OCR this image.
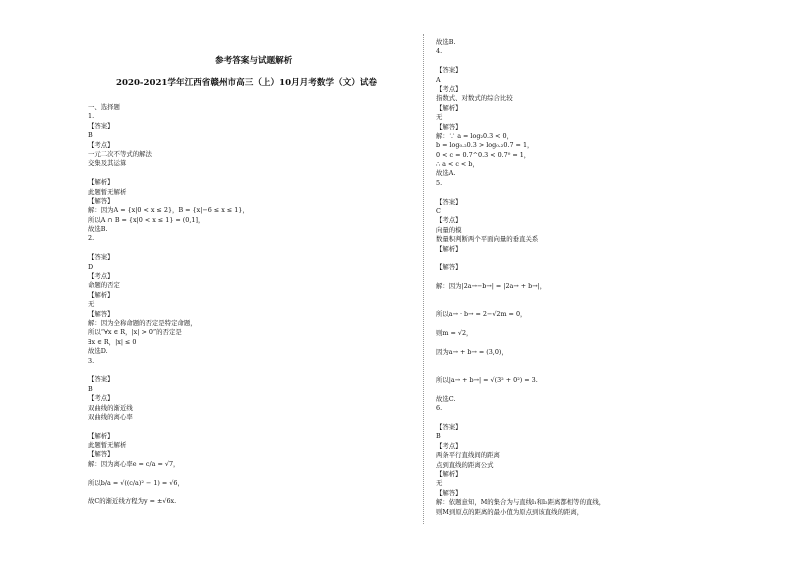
参考答案与试题解析
2020-2021学年江西省赣州市高三（上）10月月考数学（文）试卷
一、选择题
1.
【答案】
B
【考点】
一元二次不等式的解法
交集及其运算
【解析】
此题暂无解析
【解答】
解：因为A = {x|0 < x ≤ 2}，B = {x|−6 ≤ x ≤ 1}，
所以A ∩ B = {x|0 < x ≤ 1} = (0,1]，
故选B.
2.
【答案】
D
【考点】
命题的否定
【解析】
无
【解答】
解：因为全称命题的否定是特定命题，
所以“∀x ∈ R，|x| > 0”的否定是
∃x ∈ R，|x| ≤ 0
故选D.
3.
【答案】
B
【考点】
双曲线的渐近线
双曲线的离心率
【解析】
此题暂无解析
【解答】
解：因为离心率e = c/a = √7，
所以b/a = √((c/a)² − 1) = √6，
故C的渐近线方程为y = ±√6x.
故选B.
4.
【答案】
A
【考点】
指数式、对数式的综合比较
【解析】
无
【解答】
解：∵ a = log₂0.3 < 0，
b = log₀.₂0.3 > log₀.₂0.7 = 1，
0 < c = 0.7^0.3 < 0.7⁰ = 1，
∴ a < c < b，
故选A.
5.
【答案】
C
【考点】
向量的模
数量积判断两个平面向量的垂直关系
【解析】
【解答】
解：因为|2a→−b→| = |2a→ + b→|，
所以a→ · b→ = 2−√2m = 0，
则m = √2，
因为a→ + b→ = (3,0)，
所以|a→ + b→| = √(3² + 0²) = 3.
故选C.
6.
【答案】
B
【考点】
两条平行直线间的距离
点到直线的距离公式
【解析】
无
【解答】
解：依题意知，M的集合为与直线l₁和l₂距离都相等的直线，
则M到原点的距离的最小值为原点到该直线的距离，
